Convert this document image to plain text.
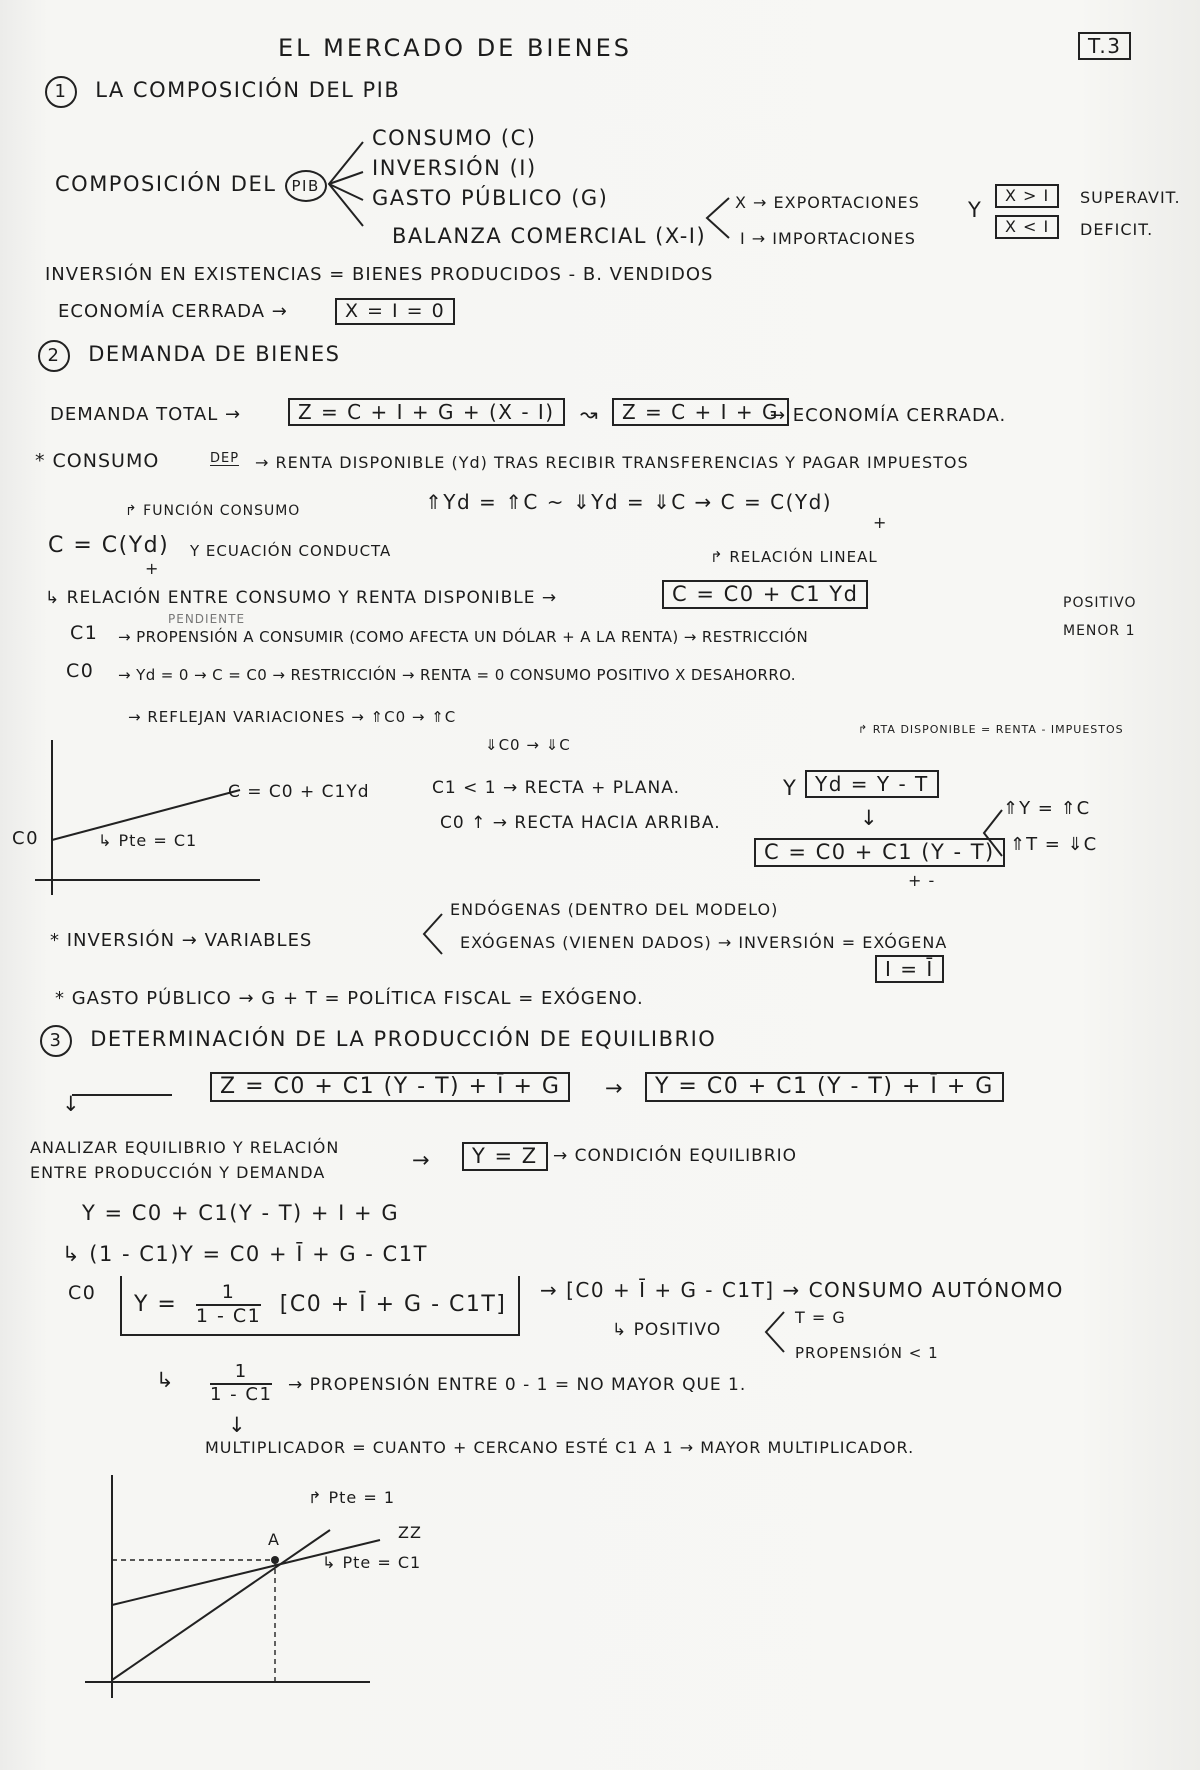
EL MERCADO DE BIENES	T.3
1 LA COMPOSICIÓN DEL PIB
COMPOSICIÓN DEL PIB
CONSUMO (C)
INVERSIÓN (I)
GASTO PÚBLICO (G)
BALANZA COMERCIAL (X-I)
X → EXPORTACIONES
I → IMPORTACIONES
Y
X > I	SUPERAVIT.
X < I	DEFICIT.
INVERSIÓN EN EXISTENCIAS = BIENES PRODUCIDOS - B. VENDIDOS
ECONOMÍA CERRADA →	X = I = 0
2 DEMANDA DE BIENES
DEMANDA TOTAL →	Z = C + I + G + (X - I)	↝	Z = C + I + G
→ ECONOMÍA CERRADA.
* CONSUMO	DEP → RENTA DISPONIBLE (Yd) TRAS RECIBIR TRANSFERENCIAS Y PAGAR IMPUESTOS
↱ FUNCIÓN CONSUMO	⇑Yd = ⇑C ~ ⇓Yd = ⇓C → C = C(Yd)
+
C = C(Yd)
+
Y ECUACIÓN CONDUCTA	↱ RELACIÓN LINEAL
↳ RELACIÓN ENTRE CONSUMO Y RENTA DISPONIBLE →	C = C0 + C1 Yd	POSITIVO
PENDIENTE
C1 → PROPENSIÓN A CONSUMIR (COMO AFECTA UN DÓLAR + A LA RENTA) → RESTRICCIÓN	MENOR 1
C0 → Yd = 0 → C = C0 → RESTRICCIÓN → RENTA = 0 CONSUMO POSITIVO X DESAHORRO.
→ REFLEJAN VARIACIONES → ⇑C0 → ⇑C
⇓C0 → ⇓C
C0
C = C0 + C1Yd
↳ Pte = C1
C1 < 1 → RECTA + PLANA.
C0 ↑ → RECTA HACIA ARRIBA.
↱ RTA DISPONIBLE = RENTA - IMPUESTOS
Y Yd = Y - T
↓
C = C0 + C1 (Y - T)
+ -
⇑Y = ⇑C
⇑T = ⇓C
ENDÓGENAS (DENTRO DEL MODELO)
* INVERSIÓN → VARIABLES	EXÓGENAS (VIENEN DADOS) → INVERSIÓN = EXÓGENA
I = Ī
* GASTO PÚBLICO → G + T = POLÍTICA FISCAL = EXÓGENO.
3 DETERMINACIÓN DE LA PRODUCCIÓN DE EQUILIBRIO
Z = C0 + C1 (Y - T) + Ī + G	→	Y = C0 + C1 (Y - T) + Ī + G
↓
ANALIZAR EQUILIBRIO Y RELACIÓN
ENTRE PRODUCCIÓN Y DEMANDA
→	Y = Z → CONDICIÓN EQUILIBRIO
Y = C0 + C1(Y - T) + I + G
↳ (1 - C1)Y = C0 + Ī + G - C1T
C0	$Y = \frac{1}{1 - C1} [C0$ + Ī + G - C1T]
→ [C0 + Ī + G - C1T] → CONSUMO AUTÓNOMO
↳ POSITIVO
T = G
PROPENSIÓN < 1
↳ $\frac{1}{1 - C1}$ → PROPENSIÓN ENTRE 0 - 1 = NO MAYOR QUE 1.
↓
MULTIPLICADOR = CUANTO + CERCANO ESTÉ C1 A 1 → MAYOR MULTIPLICADOR.
↱ Pte = 1
ZZ
↳ Pte = C1
A
